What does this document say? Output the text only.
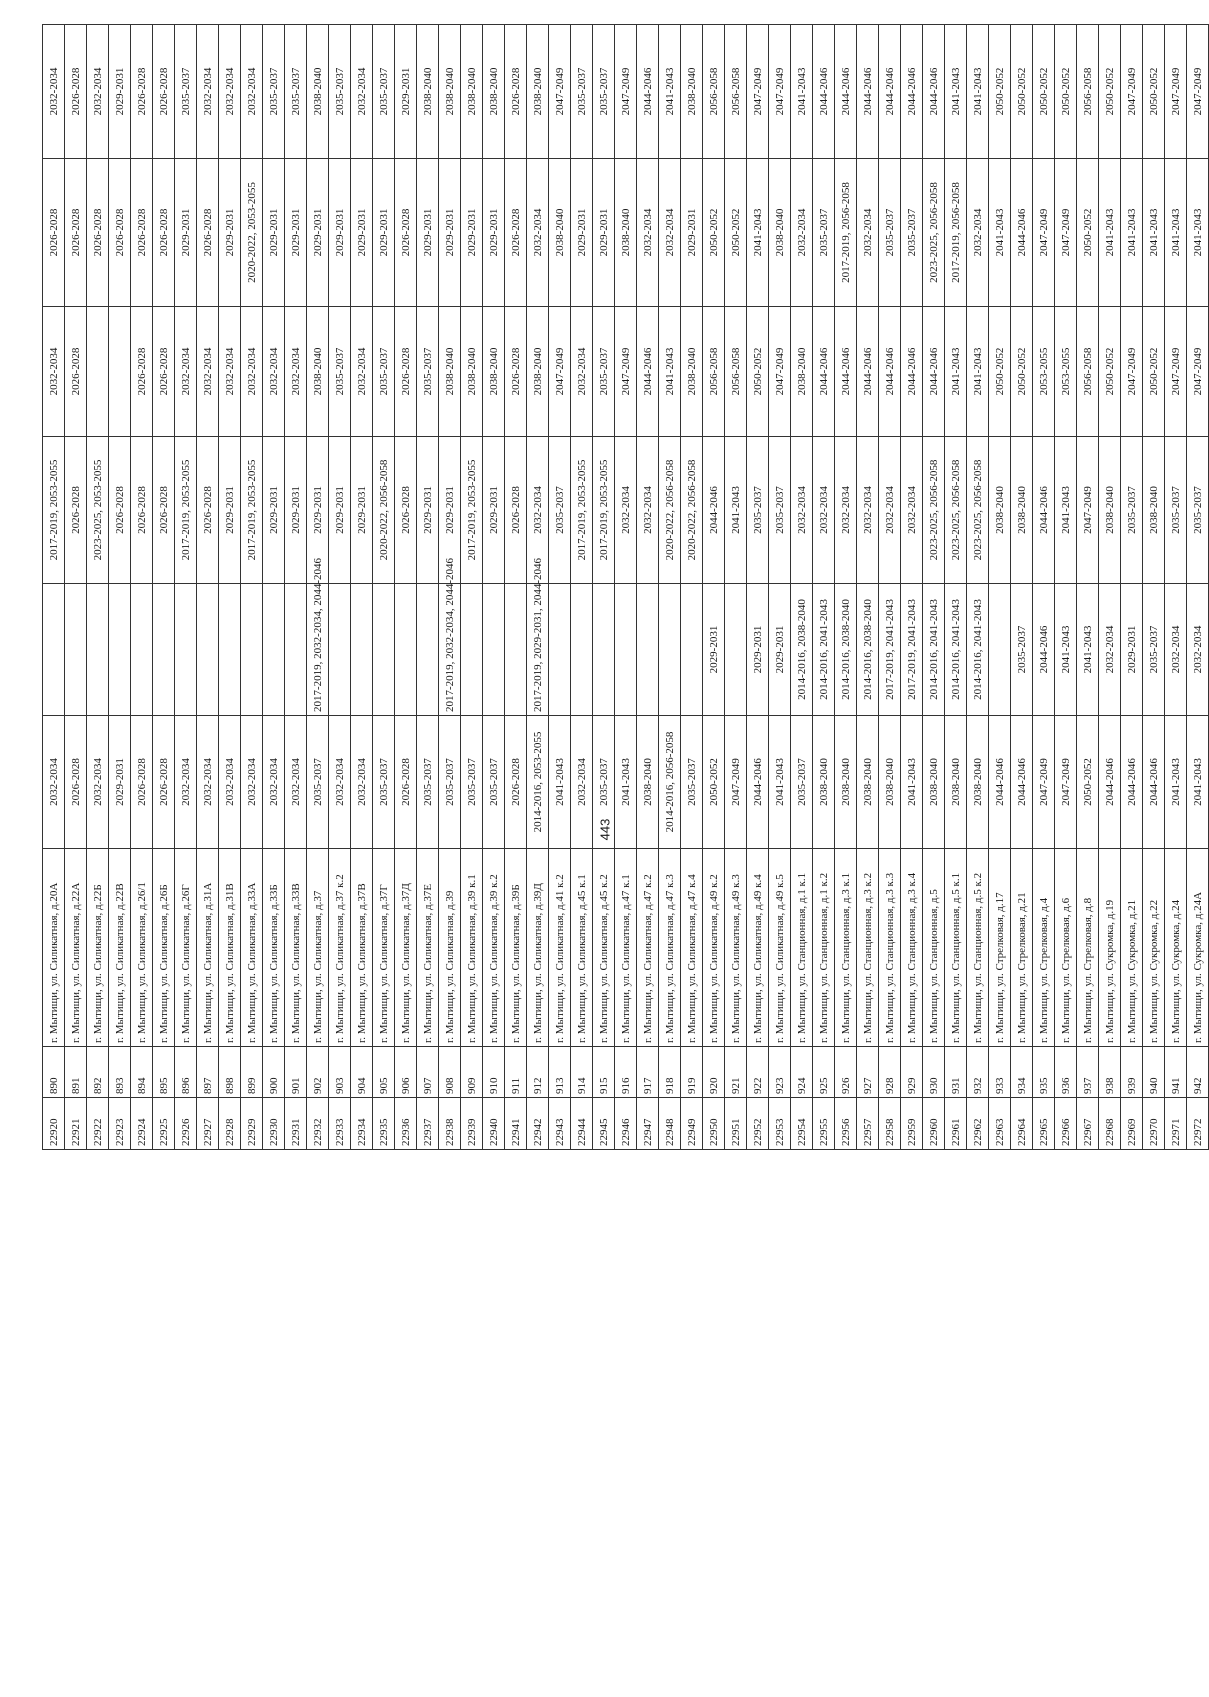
22920	890	г. Мытищи, ул. Силикатная, д.20А	2032-2034		2017-2019, 2053-2055	2032-2034	2026-2028	2032-2034
22921	891	г. Мытищи, ул. Силикатная, д.22А	2026-2028		2026-2028	2026-2028	2026-2028	2026-2028
22922	892	г. Мытищи, ул. Силикатная, д.22Б	2032-2034		2023-2025, 2053-2055		2026-2028	2032-2034
22923	893	г. Мытищи, ул. Силикатная, д.22В	2029-2031		2026-2028		2026-2028	2029-2031
22924	894	г. Мытищи, ул. Силикатная, д.26/1	2026-2028		2026-2028	2026-2028	2026-2028	2026-2028
22925	895	г. Мытищи, ул. Силикатная, д.26Б	2026-2028		2026-2028	2026-2028	2026-2028	2026-2028
22926	896	г. Мытищи, ул. Силикатная, д.26Г	2032-2034		2017-2019, 2053-2055	2032-2034	2029-2031	2035-2037
22927	897	г. Мытищи, ул. Силикатная, д.31А	2032-2034		2026-2028	2032-2034	2026-2028	2032-2034
22928	898	г. Мытищи, ул. Силикатная, д.31В	2032-2034		2029-2031	2032-2034	2029-2031	2032-2034
22929	899	г. Мытищи, ул. Силикатная, д.33А	2032-2034		2017-2019, 2053-2055	2032-2034	2020-2022, 2053-2055	2032-2034
22930	900	г. Мытищи, ул. Силикатная, д.33Б	2032-2034		2029-2031	2032-2034	2029-2031	2035-2037
22931	901	г. Мытищи, ул. Силикатная, д.33В	2032-2034		2029-2031	2032-2034	2029-2031	2035-2037
22932	902	г. Мытищи, ул. Силикатная, д.37	2035-2037	2017-2019, 2032-2034, 2044-2046	2029-2031	2038-2040	2029-2031	2038-2040
22933	903	г. Мытищи, ул. Силикатная, д.37 к.2	2032-2034		2029-2031	2035-2037	2029-2031	2035-2037
22934	904	г. Мытищи, ул. Силикатная, д.37В	2032-2034		2029-2031	2032-2034	2029-2031	2032-2034
22935	905	г. Мытищи, ул. Силикатная, д.37Г	2035-2037		2020-2022, 2056-2058	2035-2037	2029-2031	2035-2037
22936	906	г. Мытищи, ул. Силикатная, д.37Д	2026-2028		2026-2028	2026-2028	2026-2028	2029-2031
22937	907	г. Мытищи, ул. Силикатная, д.37Е	2035-2037		2029-2031	2035-2037	2029-2031	2038-2040
22938	908	г. Мытищи, ул. Силикатная, д.39	2035-2037	2017-2019, 2032-2034, 2044-2046	2029-2031	2038-2040	2029-2031	2038-2040
22939	909	г. Мытищи, ул. Силикатная, д.39 к.1	2035-2037		2017-2019, 2053-2055	2038-2040	2029-2031	2038-2040
22940	910	г. Мытищи, ул. Силикатная, д.39 к.2	2035-2037		2029-2031	2038-2040	2029-2031	2038-2040
22941	911	г. Мытищи, ул. Силикатная, д.39Б	2026-2028		2026-2028	2026-2028	2026-2028	2026-2028
22942	912	г. Мытищи, ул. Силикатная, д.39Д	2014-2016, 2053-2055	2017-2019, 2029-2031, 2044-2046	2032-2034	2038-2040	2032-2034	2038-2040
22943	913	г. Мытищи, ул. Силикатная, д.41 к.2	2041-2043		2035-2037	2047-2049	2038-2040	2047-2049
22944	914	г. Мытищи, ул. Силикатная, д.45 к.1	2032-2034		2017-2019, 2053-2055	2032-2034	2029-2031	2035-2037
22945	915	г. Мытищи, ул. Силикатная, д.45 к.2	2035-2037		2017-2019, 2053-2055	2035-2037	2029-2031	2035-2037
22946	916	г. Мытищи, ул. Силикатная, д.47 к.1	2041-2043		2032-2034	2047-2049	2038-2040	2047-2049
22947	917	г. Мытищи, ул. Силикатная, д.47 к.2	2038-2040		2032-2034	2044-2046	2032-2034	2044-2046
22948	918	г. Мытищи, ул. Силикатная, д.47 к.3	2014-2016, 2056-2058		2020-2022, 2056-2058	2041-2043	2032-2034	2041-2043
22949	919	г. Мытищи, ул. Силикатная, д.47 к.4	2035-2037		2020-2022, 2056-2058	2038-2040	2029-2031	2038-2040
22950	920	г. Мытищи, ул. Силикатная, д.49 к.2	2050-2052	2029-2031	2044-2046	2056-2058	2050-2052	2056-2058
22951	921	г. Мытищи, ул. Силикатная, д.49 к.3	2047-2049		2041-2043	2056-2058	2050-2052	2056-2058
22952	922	г. Мытищи, ул. Силикатная, д.49 к.4	2044-2046	2029-2031	2035-2037	2050-2052	2041-2043	2047-2049
22953	923	г. Мытищи, ул. Силикатная, д.49 к.5	2041-2043	2029-2031	2035-2037	2047-2049	2038-2040	2047-2049
22954	924	г. Мытищи, ул. Станционная, д.1 к.1	2035-2037	2014-2016, 2038-2040	2032-2034	2038-2040	2032-2034	2041-2043
22955	925	г. Мытищи, ул. Станционная, д.1 к.2	2038-2040	2014-2016, 2041-2043	2032-2034	2044-2046	2035-2037	2044-2046
22956	926	г. Мытищи, ул. Станционная, д.3 к.1	2038-2040	2014-2016, 2038-2040	2032-2034	2044-2046	2017-2019, 2056-2058	2044-2046
22957	927	г. Мытищи, ул. Станционная, д.3 к.2	2038-2040	2014-2016, 2038-2040	2032-2034	2044-2046	2032-2034	2044-2046
22958	928	г. Мытищи, ул. Станционная, д.3 к.3	2038-2040	2017-2019, 2041-2043	2032-2034	2044-2046	2035-2037	2044-2046
22959	929	г. Мытищи, ул. Станционная, д.3 к.4	2041-2043	2017-2019, 2041-2043	2032-2034	2044-2046	2035-2037	2044-2046
22960	930	г. Мытищи, ул. Станционная, д.5	2038-2040	2014-2016, 2041-2043	2023-2025, 2056-2058	2044-2046	2023-2025, 2056-2058	2044-2046
22961	931	г. Мытищи, ул. Станционная, д.5 к.1	2038-2040	2014-2016, 2041-2043	2023-2025, 2056-2058	2041-2043	2017-2019, 2056-2058	2041-2043
22962	932	г. Мытищи, ул. Станционная, д.5 к.2	2038-2040	2014-2016, 2041-2043	2023-2025, 2056-2058	2041-2043	2032-2034	2041-2043
22963	933	г. Мытищи, ул. Стрелковая, д.17	2044-2046		2038-2040	2050-2052	2041-2043	2050-2052
22964	934	г. Мытищи, ул. Стрелковая, д.21	2044-2046	2035-2037	2038-2040	2050-2052	2044-2046	2050-2052
22965	935	г. Мытищи, ул. Стрелковая, д.4	2047-2049	2044-2046	2044-2046	2053-2055	2047-2049	2050-2052
22966	936	г. Мытищи, ул. Стрелковая, д.6	2047-2049	2041-2043	2041-2043	2053-2055	2047-2049	2050-2052
22967	937	г. Мытищи, ул. Стрелковая, д.8	2050-2052	2041-2043	2047-2049	2056-2058	2050-2052	2056-2058
22968	938	г. Мытищи, ул. Сукромка, д.19	2044-2046	2032-2034	2038-2040	2050-2052	2041-2043	2050-2052
22969	939	г. Мытищи, ул. Сукромка, д.21	2044-2046	2029-2031	2035-2037	2047-2049	2041-2043	2047-2049
22970	940	г. Мытищи, ул. Сукромка, д.22	2044-2046	2035-2037	2038-2040	2050-2052	2041-2043	2050-2052
22971	941	г. Мытищи, ул. Сукромка, д.24	2041-2043	2032-2034	2035-2037	2047-2049	2041-2043	2047-2049
22972	942	г. Мытищи, ул. Сукромка, д.24А	2041-2043	2032-2034	2035-2037	2047-2049	2041-2043	2047-2049
443
